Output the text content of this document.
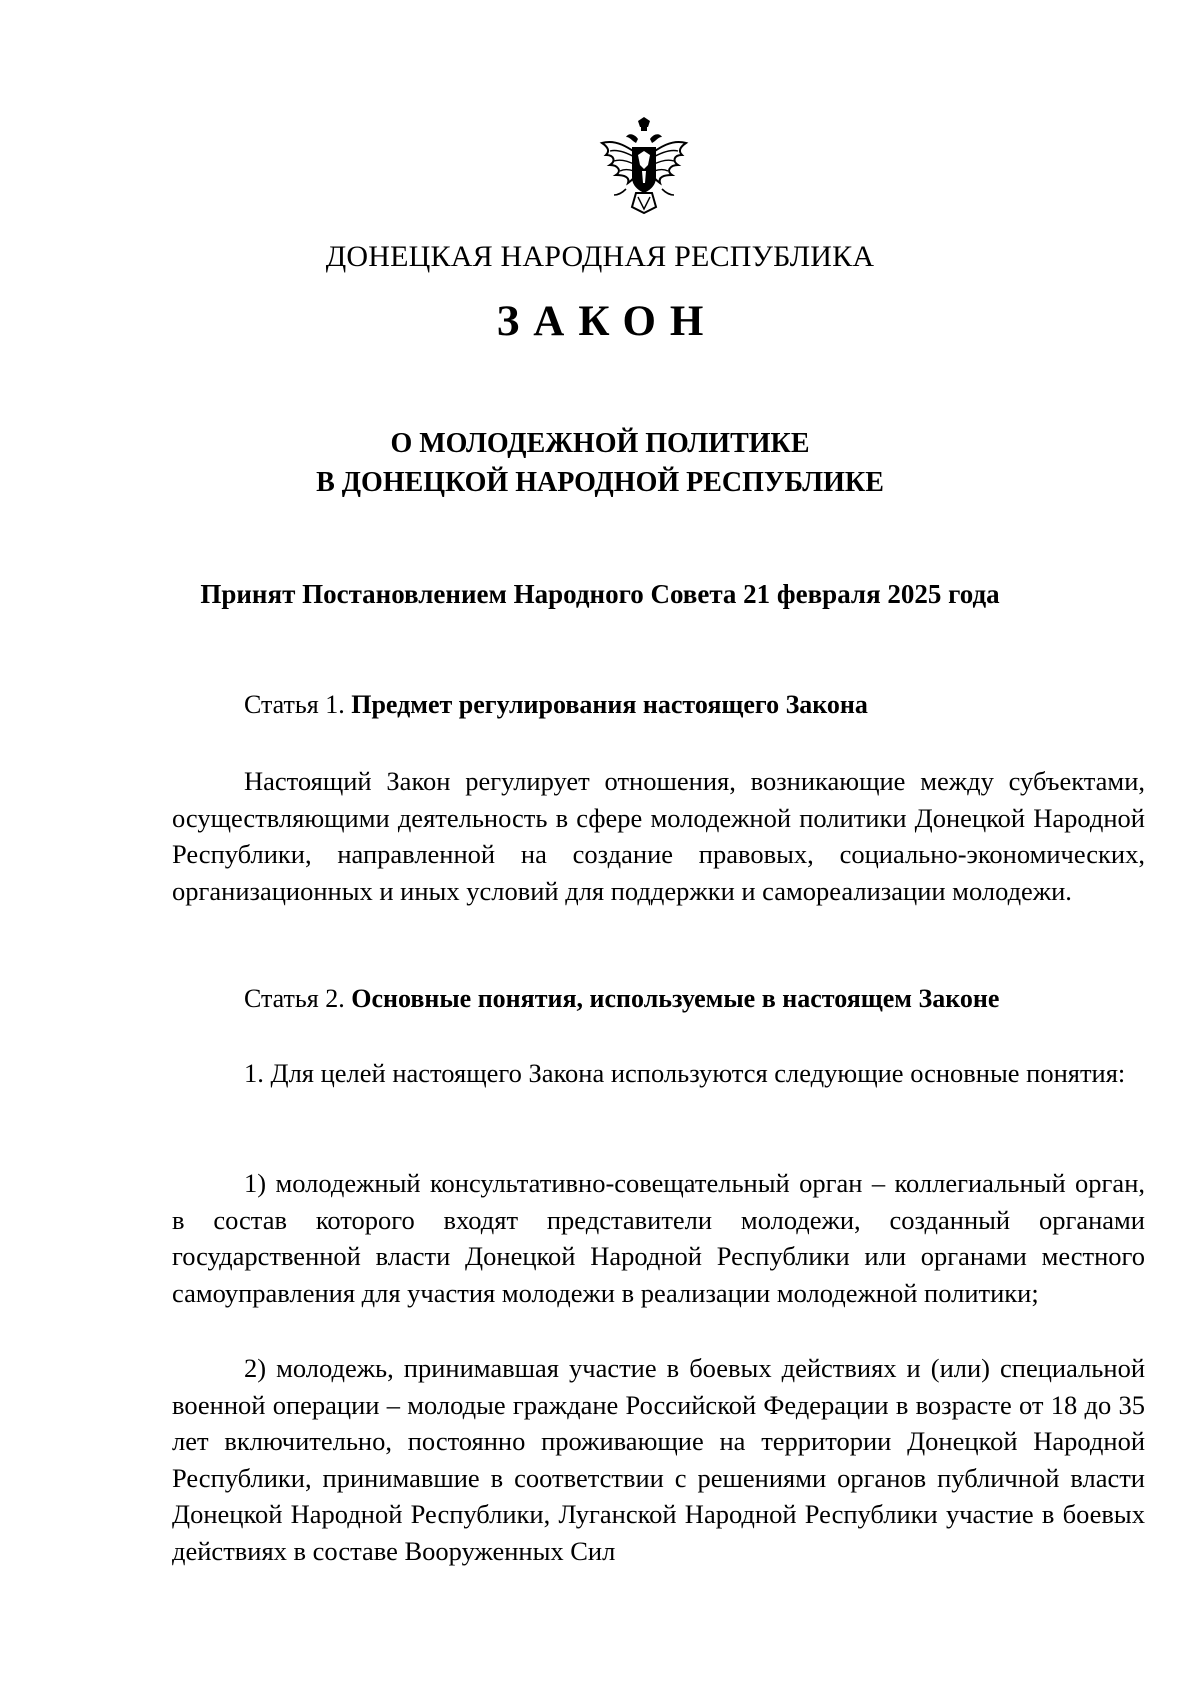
ДОНЕЦКАЯ НАРОДНАЯ РЕСПУБЛИКА
ЗАКОН
О МОЛОДЕЖНОЙ ПОЛИТИКЕ
В ДОНЕЦКОЙ НАРОДНОЙ РЕСПУБЛИКЕ
Принят Постановлением Народного Совета 21 февраля 2025 года
Статья 1. Предмет регулирования настоящего Закона

Настоящий Закон регулирует отношения, возникающие между субъектами, осуществляющими деятельность в сфере молодежной политики Донецкой Народной Республики, направленной на создание правовых, социально-экономических, организационных и иных условий для поддержки и самореализации молодежи.

Статья 2. Основные понятия, используемые в настоящем Законе

1. Для целей настоящего Закона используются следующие основные понятия:

1) молодежный консультативно-совещательный орган – коллегиальный орган, в состав которого входят представители молодежи, созданный органами государственной власти Донецкой Народной Республики или органами местного самоуправления для участия молодежи в реализации молодежной политики;

2) молодежь, принимавшая участие в боевых действиях и (или) специальной военной операции – молодые граждане Российской Федерации в возрасте от 18 до 35 лет включительно, постоянно проживающие на территории Донецкой Народной Республики, принимавшие в соответствии с решениями органов публичной власти Донецкой Народной Республики, Луганской Народной Республики участие в боевых действиях в составе Вооруженных Сил
